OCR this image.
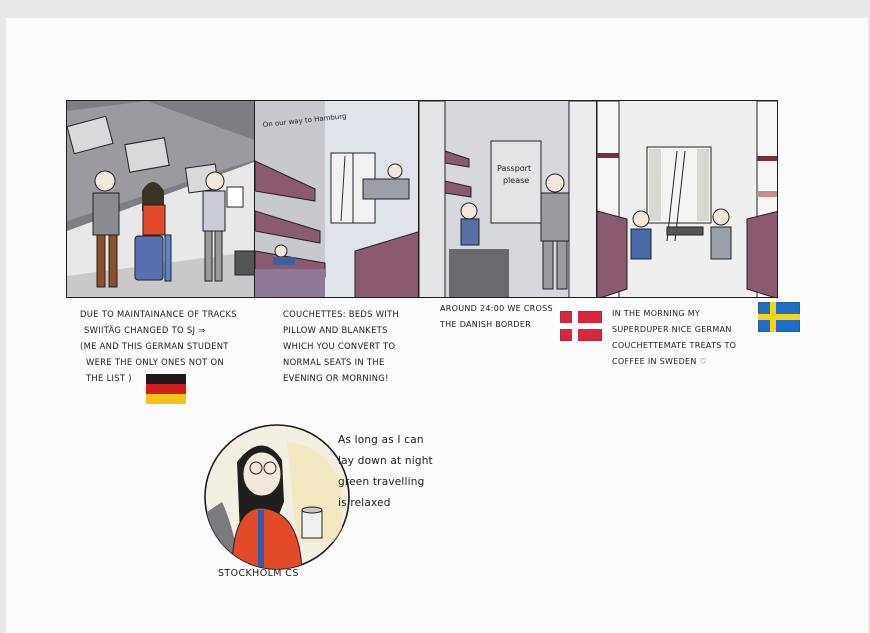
On our way to Hamburg
Passport
please
DUE TO MAINTAINANCE OF TRACKS
SWIITÄG CHANGED TO SJ ⇒
(ME AND THIS GERMAN STUDENT
WERE THE ONLY ONES NOT ON
THE LIST )
COUCHETTES: BEDS WITH
PILLOW AND BLANKETS
WHICH YOU CONVERT TO
NORMAL SEATS IN THE
EVENING OR MORNING!
AROUND 24:00 WE CROSS
THE DANISH BORDER
IN THE MORNING MY
SUPERDUPER NICE GERMAN
COUCHETTEMATE TREATS TO
COFFEE IN SWEDEN ♡
As long as I can
lay down at night
green travelling
is relaxed
STOCKHOLM CS
